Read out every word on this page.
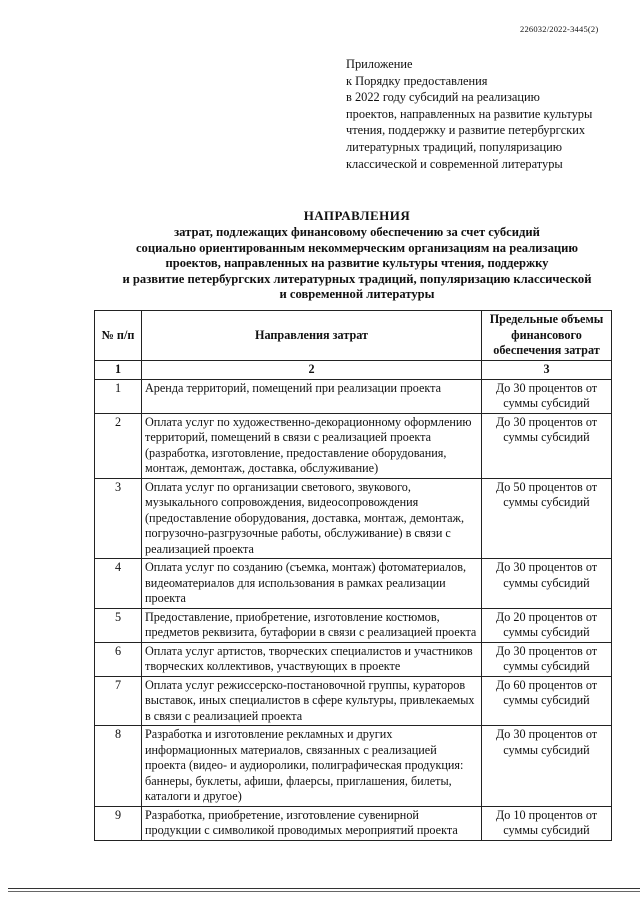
226032/2022-3445(2)
Приложение
к Порядку предоставления
в 2022 году субсидий на реализацию
проектов, направленных на развитие культуры
чтения, поддержку и развитие петербургских
литературных традиций, популяризацию
классической и современной литературы
НАПРАВЛЕНИЯ
затрат, подлежащих финансовому обеспечению за счет субсидий
социально ориентированным некоммерческим организациям на реализацию
проектов, направленных на развитие культуры чтения, поддержку
и развитие петербургских литературных традиций, популяризацию классической
и современной литературы
№ п/п	Направления затрат	Предельные объемы финансового обеспечения затрат
1	2	3
1	Аренда территорий, помещений при реализации проекта	До 30 процентов от суммы субсидий
2	Оплата услуг по художественно-декорационному оформлению территорий, помещений в связи с реализацией проекта (разработка, изготовление, предоставление оборудования, монтаж, демонтаж, доставка, обслуживание)	До 30 процентов от суммы субсидий
3	Оплата услуг по организации светового, звукового, музыкального сопровождения, видеосопровождения (предоставление оборудования, доставка, монтаж, демонтаж, погрузочно-разгрузочные работы, обслуживание) в связи с реализацией проекта	До 50 процентов от суммы субсидий
4	Оплата услуг по созданию (съемка, монтаж) фотоматериалов, видеоматериалов для использования в рамках реализации проекта	До 30 процентов от суммы субсидий
5	Предоставление, приобретение, изготовление костюмов, предметов реквизита, бутафории в связи с реализацией проекта	До 20 процентов от суммы субсидий
6	Оплата услуг артистов, творческих специалистов и участников творческих коллективов, участвующих в проекте	До 30 процентов от суммы субсидий
7	Оплата услуг режиссерско-постановочной группы, кураторов выставок, иных специалистов в сфере культуры, привлекаемых в связи с реализацией проекта	До 60 процентов от суммы субсидий
8	Разработка и изготовление рекламных и других информационных материалов, связанных с реализацией проекта (видео- и аудиоролики, полиграфическая продукция: баннеры, буклеты, афиши, флаерсы, приглашения, билеты, каталоги и другое)	До 30 процентов от суммы субсидий
9	Разработка, приобретение, изготовление сувенирной продукции с символикой проводимых мероприятий проекта	До 10 процентов от суммы субсидий
